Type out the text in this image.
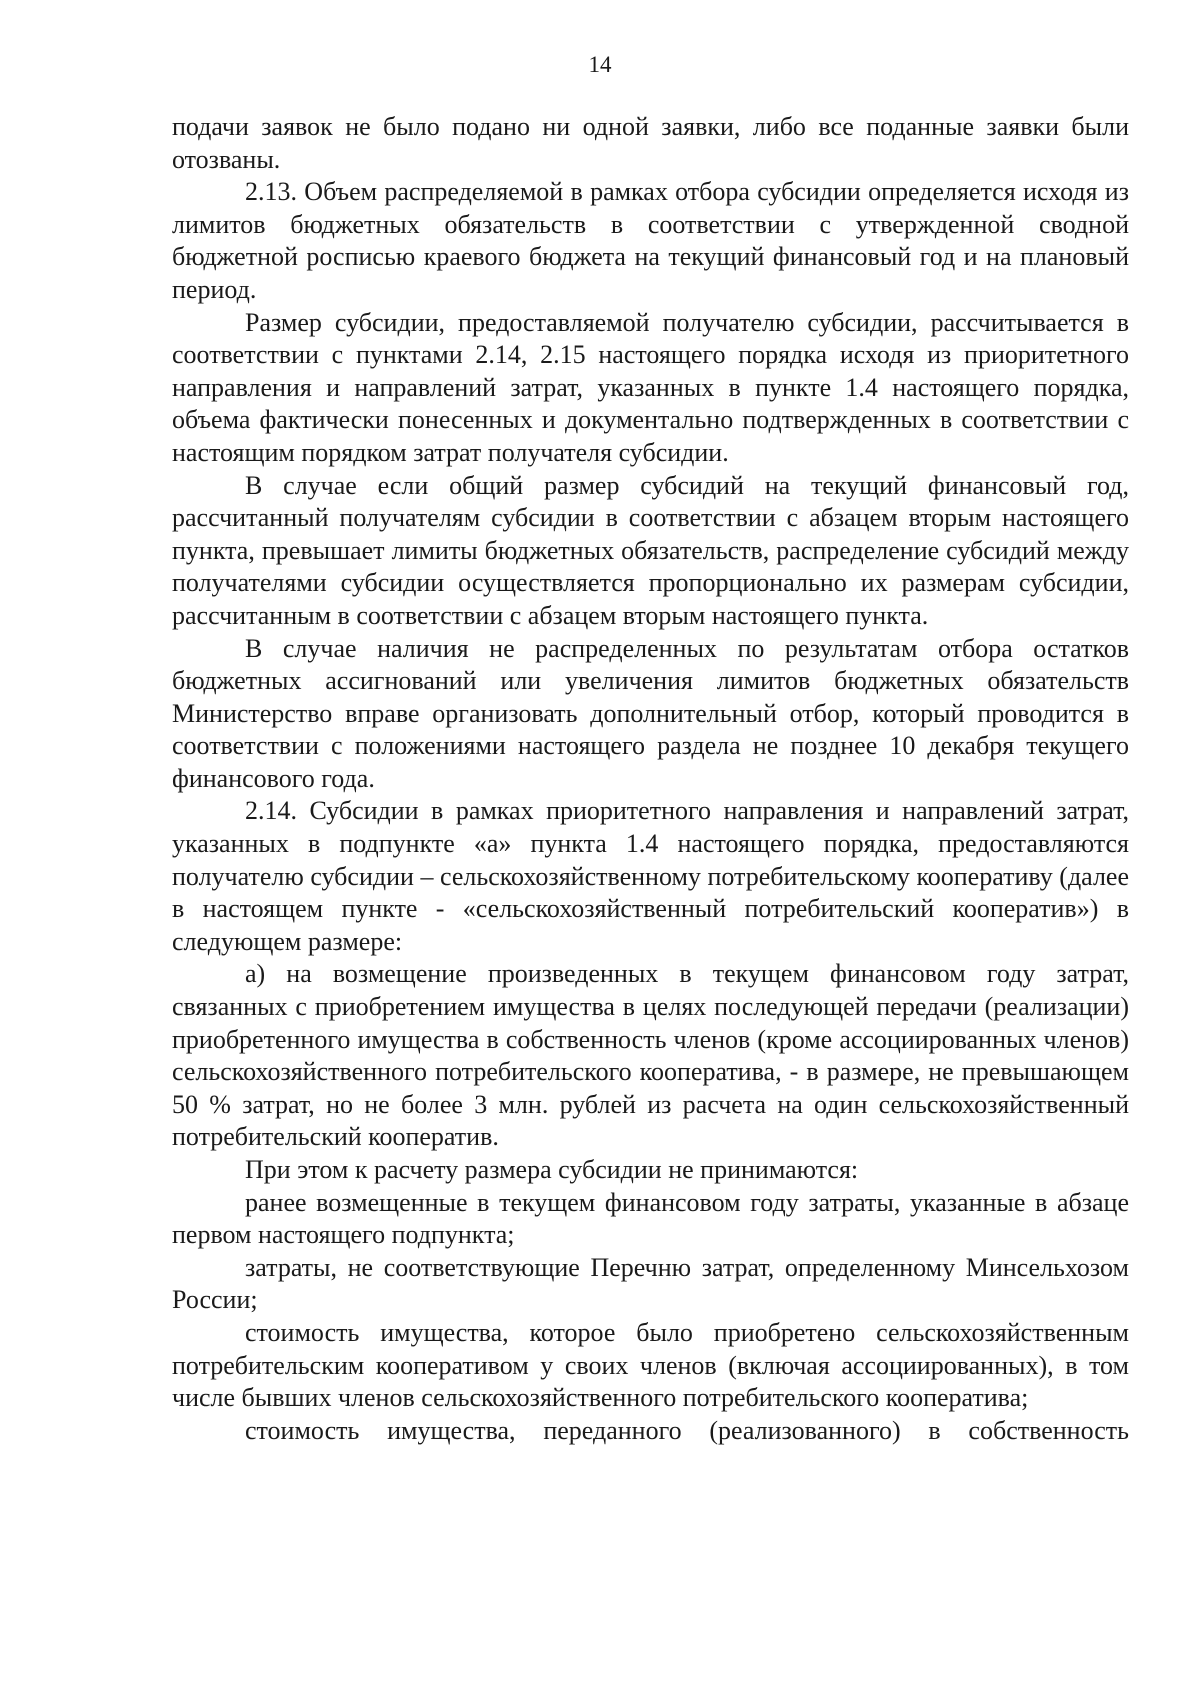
14

подачи заявок не было подано ни одной заявки, либо все поданные заявки были отозваны.

2.13. Объем распределяемой в рамках отбора субсидии определяется исходя из лимитов бюджетных обязательств в соответствии с утвержденной сводной бюджетной росписью краевого бюджета на текущий финансовый год и на плановый период.

Размер субсидии, предоставляемой получателю субсидии, рассчитывается в соответствии с пунктами 2.14, 2.15 настоящего порядка исходя из приоритетного направления и направлений затрат, указанных в пункте 1.4 настоящего порядка, объема фактически понесенных и документально подтвержденных в соответствии с настоящим порядком затрат получателя субсидии.

В случае если общий размер субсидий на текущий финансовый год, рассчитанный получателям субсидии в соответствии с абзацем вторым настоящего пункта, превышает лимиты бюджетных обязательств, распределение субсидий между получателями субсидии осуществляется пропорционально их размерам субсидии, рассчитанным в соответствии с абзацем вторым настоящего пункта.

В случае наличия не распределенных по результатам отбора остатков бюджетных ассигнований или увеличения лимитов бюджетных обязательств Министерство вправе организовать дополнительный отбор, который проводится в соответствии с положениями настоящего раздела не позднее 10 декабря текущего финансового года.

2.14. Субсидии в рамках приоритетного направления и направлений затрат, указанных в подпункте «а» пункта 1.4 настоящего порядка, предоставляются получателю субсидии – сельскохозяйственному потребительскому кооперативу (далее в настоящем пункте - «сельскохозяйственный потребительский кооператив») в следующем размере:

а) на возмещение произведенных в текущем финансовом году затрат, связанных с приобретением имущества в целях последующей передачи (реализации) приобретенного имущества в собственность членов (кроме ассоциированных членов) сельскохозяйственного потребительского кооператива, - в размере, не превышающем 50 % затрат, но не более 3 млн. рублей из расчета на один сельскохозяйственный потребительский кооператив.

При этом к расчету размера субсидии не принимаются:

ранее возмещенные в текущем финансовом году затраты, указанные в абзаце первом настоящего подпункта;

затраты, не соответствующие Перечню затрат, определенному Минсельхозом России;

стоимость имущества, которое было приобретено сельскохозяйственным потребительским кооперативом у своих членов (включая ассоциированных), в том числе бывших членов сельскохозяйственного потребительского кооператива;

стоимость имущества, переданного (реализованного) в собственность
